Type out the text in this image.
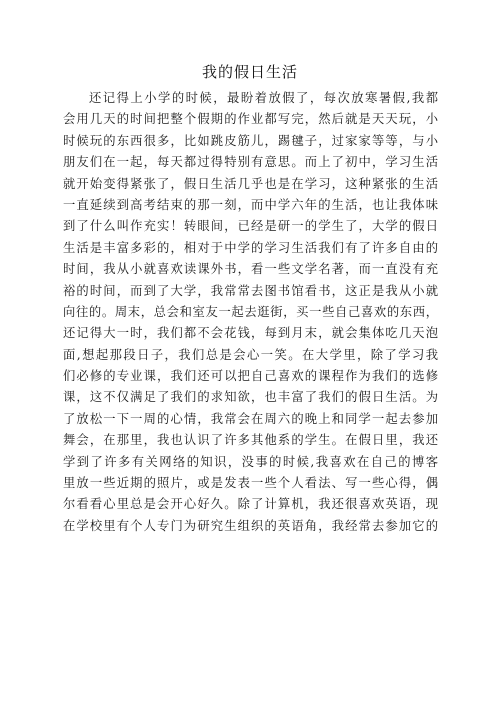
我的假日生活
还记得上小学的时候，最盼着放假了，每次放寒暑假,我都
会用几天的时间把整个假期的作业都写完，然后就是天天玩，小
时候玩的东西很多，比如跳皮筋儿，踢毽子，过家家等等，与小
朋友们在一起，每天都过得特别有意思。而上了初中，学习生活
就开始变得紧张了，假日生活几乎也是在学习，这种紧张的生活
一直延续到高考结束的那一刻，而中学六年的生活，也让我体味
到了什么叫作充实！转眼间，已经是研一的学生了，大学的假日
生活是丰富多彩的，相对于中学的学习生活我们有了许多自由的
时间，我从小就喜欢读课外书，看一些文学名著，而一直没有充
裕的时间，而到了大学，我常常去图书馆看书，这正是我从小就
向往的。周末，总会和室友一起去逛街，买一些自己喜欢的东西，
还记得大一时，我们都不会花钱，每到月末，就会集体吃几天泡
面,想起那段日子，我们总是会心一笑。在大学里，除了学习我
们必修的专业课，我们还可以把自己喜欢的课程作为我们的选修
课，这不仅满足了我们的求知欲，也丰富了我们的假日生活。为
了放松一下一周的心情，我常会在周六的晚上和同学一起去参加
舞会，在那里，我也认识了许多其他系的学生。在假日里，我还
学到了许多有关网络的知识，没事的时候,我喜欢在自己的博客
里放一些近期的照片，或是发表一些个人看法、写一些心得，偶
尔看看心里总是会开心好久。除了计算机，我还很喜欢英语，现
在学校里有个人专门为研究生组织的英语角，我经常去参加它的
